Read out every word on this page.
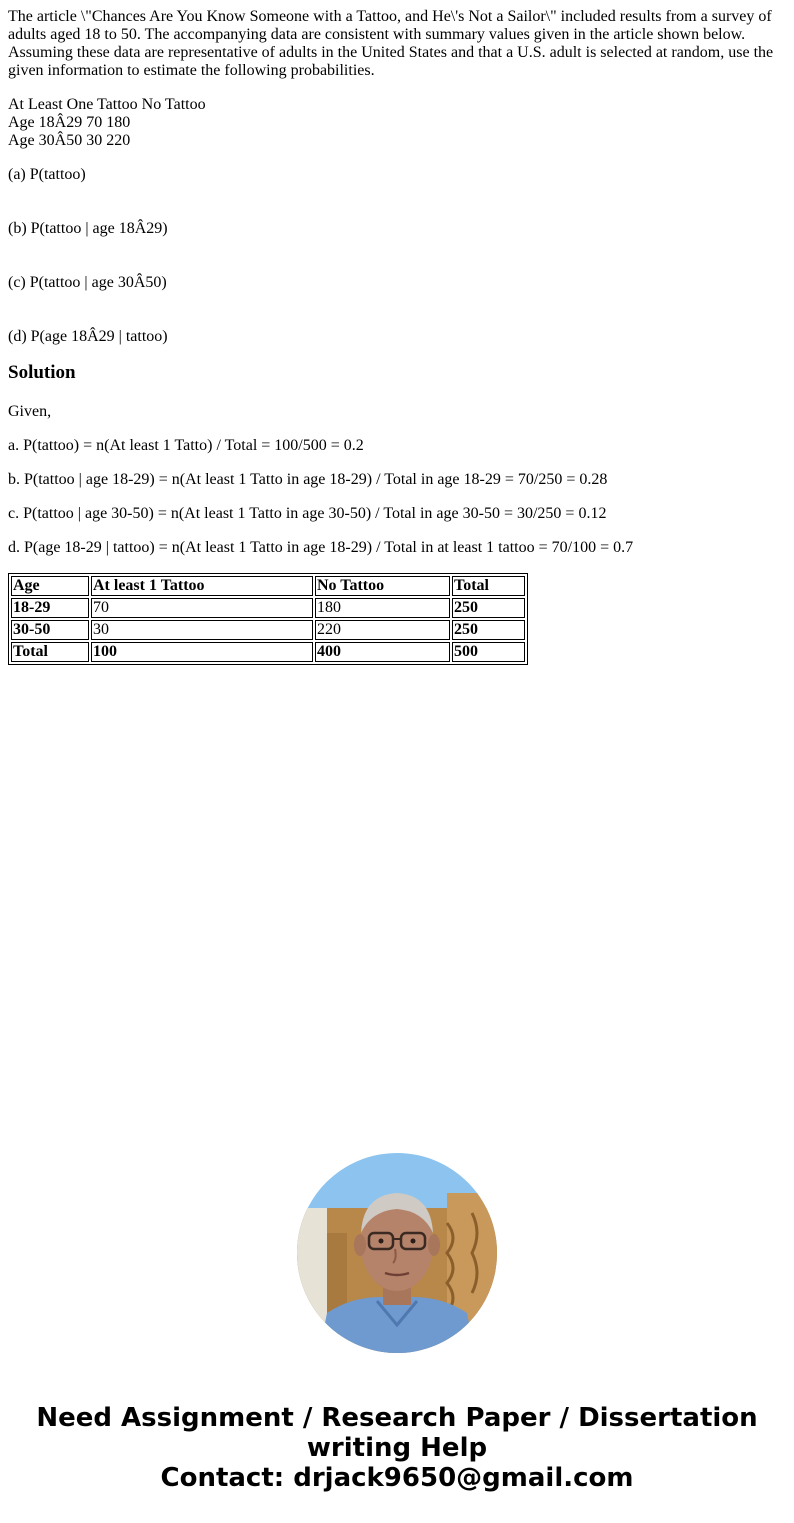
The article \"Chances Are You Know Someone with a Tattoo, and He\'s Not a Sailor\" included results from a survey of adults aged 18 to 50. The accompanying data are consistent with summary values given in the article shown below. Assuming these data are representative of adults in the United States and that a U.S. adult is selected at random, use the given information to estimate the following probabilities.

At Least One Tattoo No Tattoo
Age 18Â29 70 180
Age 30Â50 30 220

(a) P(tattoo)

(b) P(tattoo | age 18Â29)

(c) P(tattoo | age 30Â50)

(d) P(age 18Â29 | tattoo)

Solution

Given,

a. P(tattoo) = n(At least 1 Tatto) / Total = 100/500 = 0.2

b. P(tattoo | age 18-29) = n(At least 1 Tatto in age 18-29) / Total in age 18-29 = 70/250 = 0.28

c. P(tattoo | age 30-50) = n(At least 1 Tatto in age 30-50) / Total in age 30-50 = 30/250 = 0.12

d. P(age 18-29 | tattoo) = n(At least 1 Tatto in age 18-29) / Total in at least 1 tattoo = 70/100 = 0.7

Age	At least 1 Tattoo	No Tattoo	Total
18-29	70	180	250
30-50	30	220	250
Total	100	400	500
Need Assignment / Research Paper / Dissertation
writing Help
Contact: drjack9650@gmail.com
